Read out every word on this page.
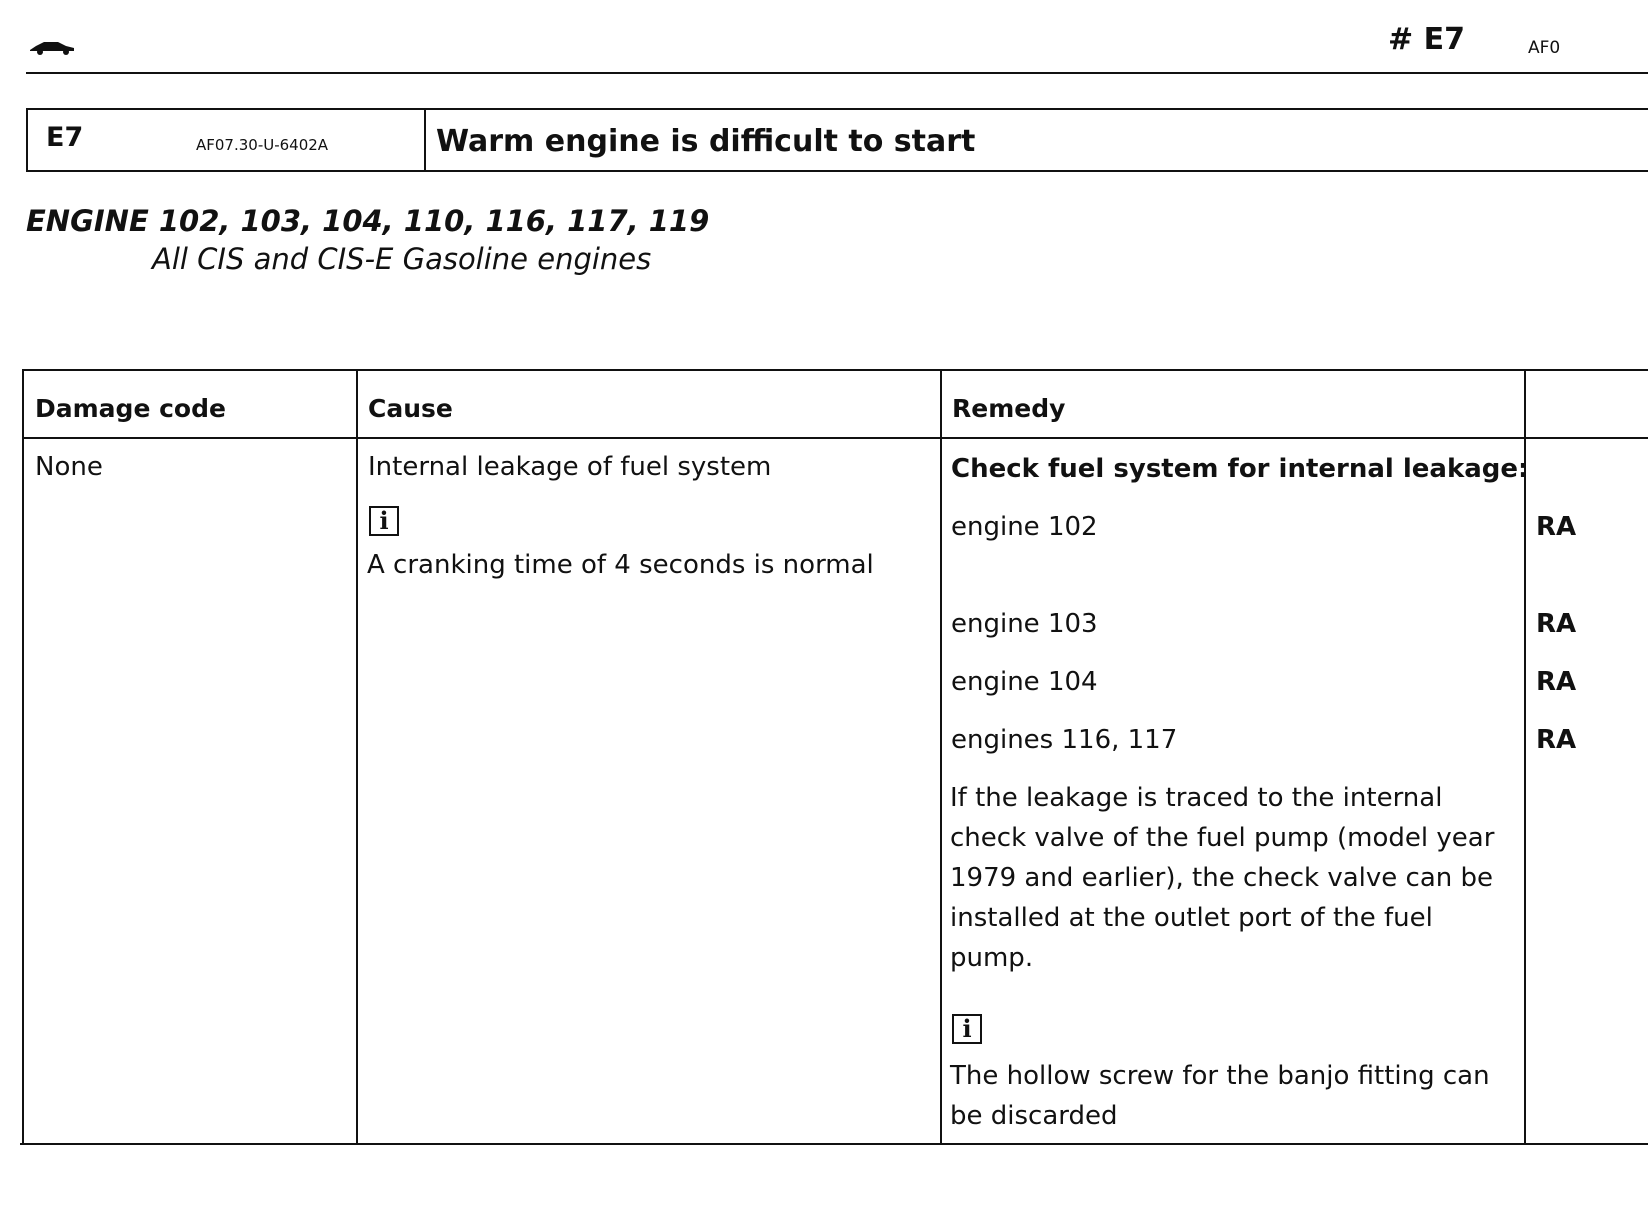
# E7	AF0
E7	AF07.30-U-6402A	Warm engine is difficult to start
ENGINE 102, 103, 104, 110, 116, 117, 119
All CIS and CIS-E Gasoline engines
Damage code	Cause	Remedy
None	Internal leakage of fuel system
i
A cranking time of 4 seconds is normal
Check fuel system for internal leakage:
engine 102	RA
engine 103	RA
engine 104	RA
engines 116, 117	RA
If the leakage is traced to the internal check valve of the fuel pump (model year 1979 and earlier), the check valve can be installed at the outlet port of the fuel pump.
i
The hollow screw for the banjo fitting can be discarded
